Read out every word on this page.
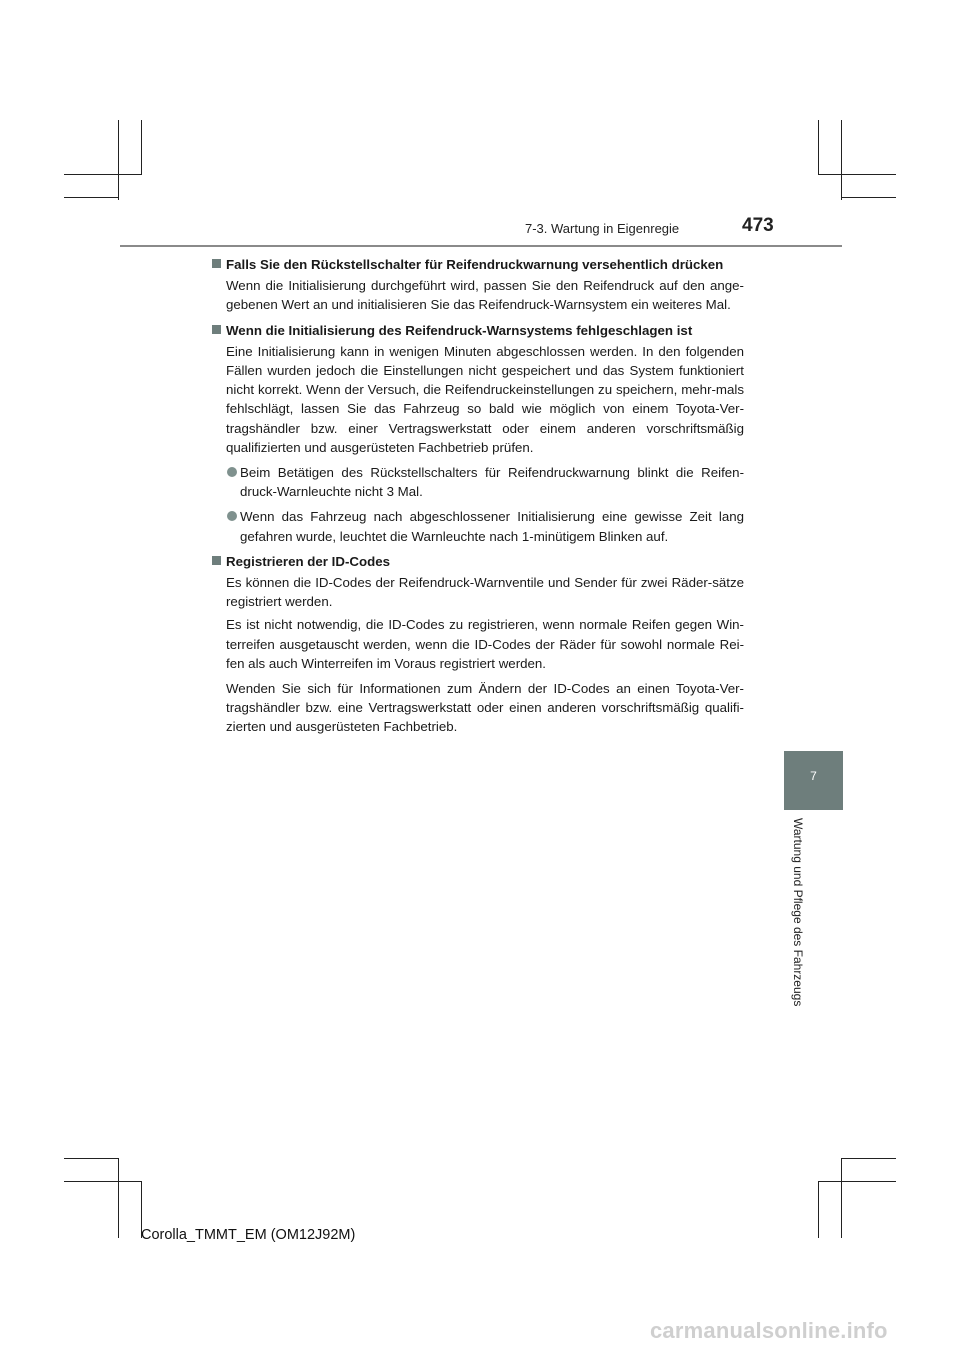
7-3. Wartung in Eigenregie	473
Falls Sie den Rückstellschalter für Reifendruckwarnung versehentlich drücken
Wenn die Initialisierung durchgeführt wird, passen Sie den Reifendruck auf den ange-gebenen Wert an und initialisieren Sie das Reifendruck-Warnsystem ein weiteres Mal.
Wenn die Initialisierung des Reifendruck-Warnsystems fehlgeschlagen ist
Eine Initialisierung kann in wenigen Minuten abgeschlossen werden. In den folgenden Fällen wurden jedoch die Einstellungen nicht gespeichert und das System funktioniert nicht korrekt. Wenn der Versuch, die Reifendruckeinstellungen zu speichern, mehr-mals fehlschlägt, lassen Sie das Fahrzeug so bald wie möglich von einem Toyota-Ver-tragshändler bzw. einer Vertragswerkstatt oder einem anderen vorschriftsmäßig qualifizierten und ausgerüsteten Fachbetrieb prüfen.
Beim Betätigen des Rückstellschalters für Reifendruckwarnung blinkt die Reifen-druck-Warnleuchte nicht 3 Mal.
Wenn das Fahrzeug nach abgeschlossener Initialisierung eine gewisse Zeit lang gefahren wurde, leuchtet die Warnleuchte nach 1-minütigem Blinken auf.
Registrieren der ID-Codes
Es können die ID-Codes der Reifendruck-Warnventile und Sender für zwei Räder-sätze registriert werden.
Es ist nicht notwendig, die ID-Codes zu registrieren, wenn normale Reifen gegen Win-terreifen ausgetauscht werden, wenn die ID-Codes der Räder für sowohl normale Rei-fen als auch Winterreifen im Voraus registriert werden.
Wenden Sie sich für Informationen zum Ändern der ID-Codes an einen Toyota-Ver-tragshändler bzw. eine Vertragswerkstatt oder einen anderen vorschriftsmäßig qualifi-zierten und ausgerüsteten Fachbetrieb.
7
Wartung und Pflege des Fahrzeugs
Corolla_TMMT_EM (OM12J92M)
carmanualsonline.info
